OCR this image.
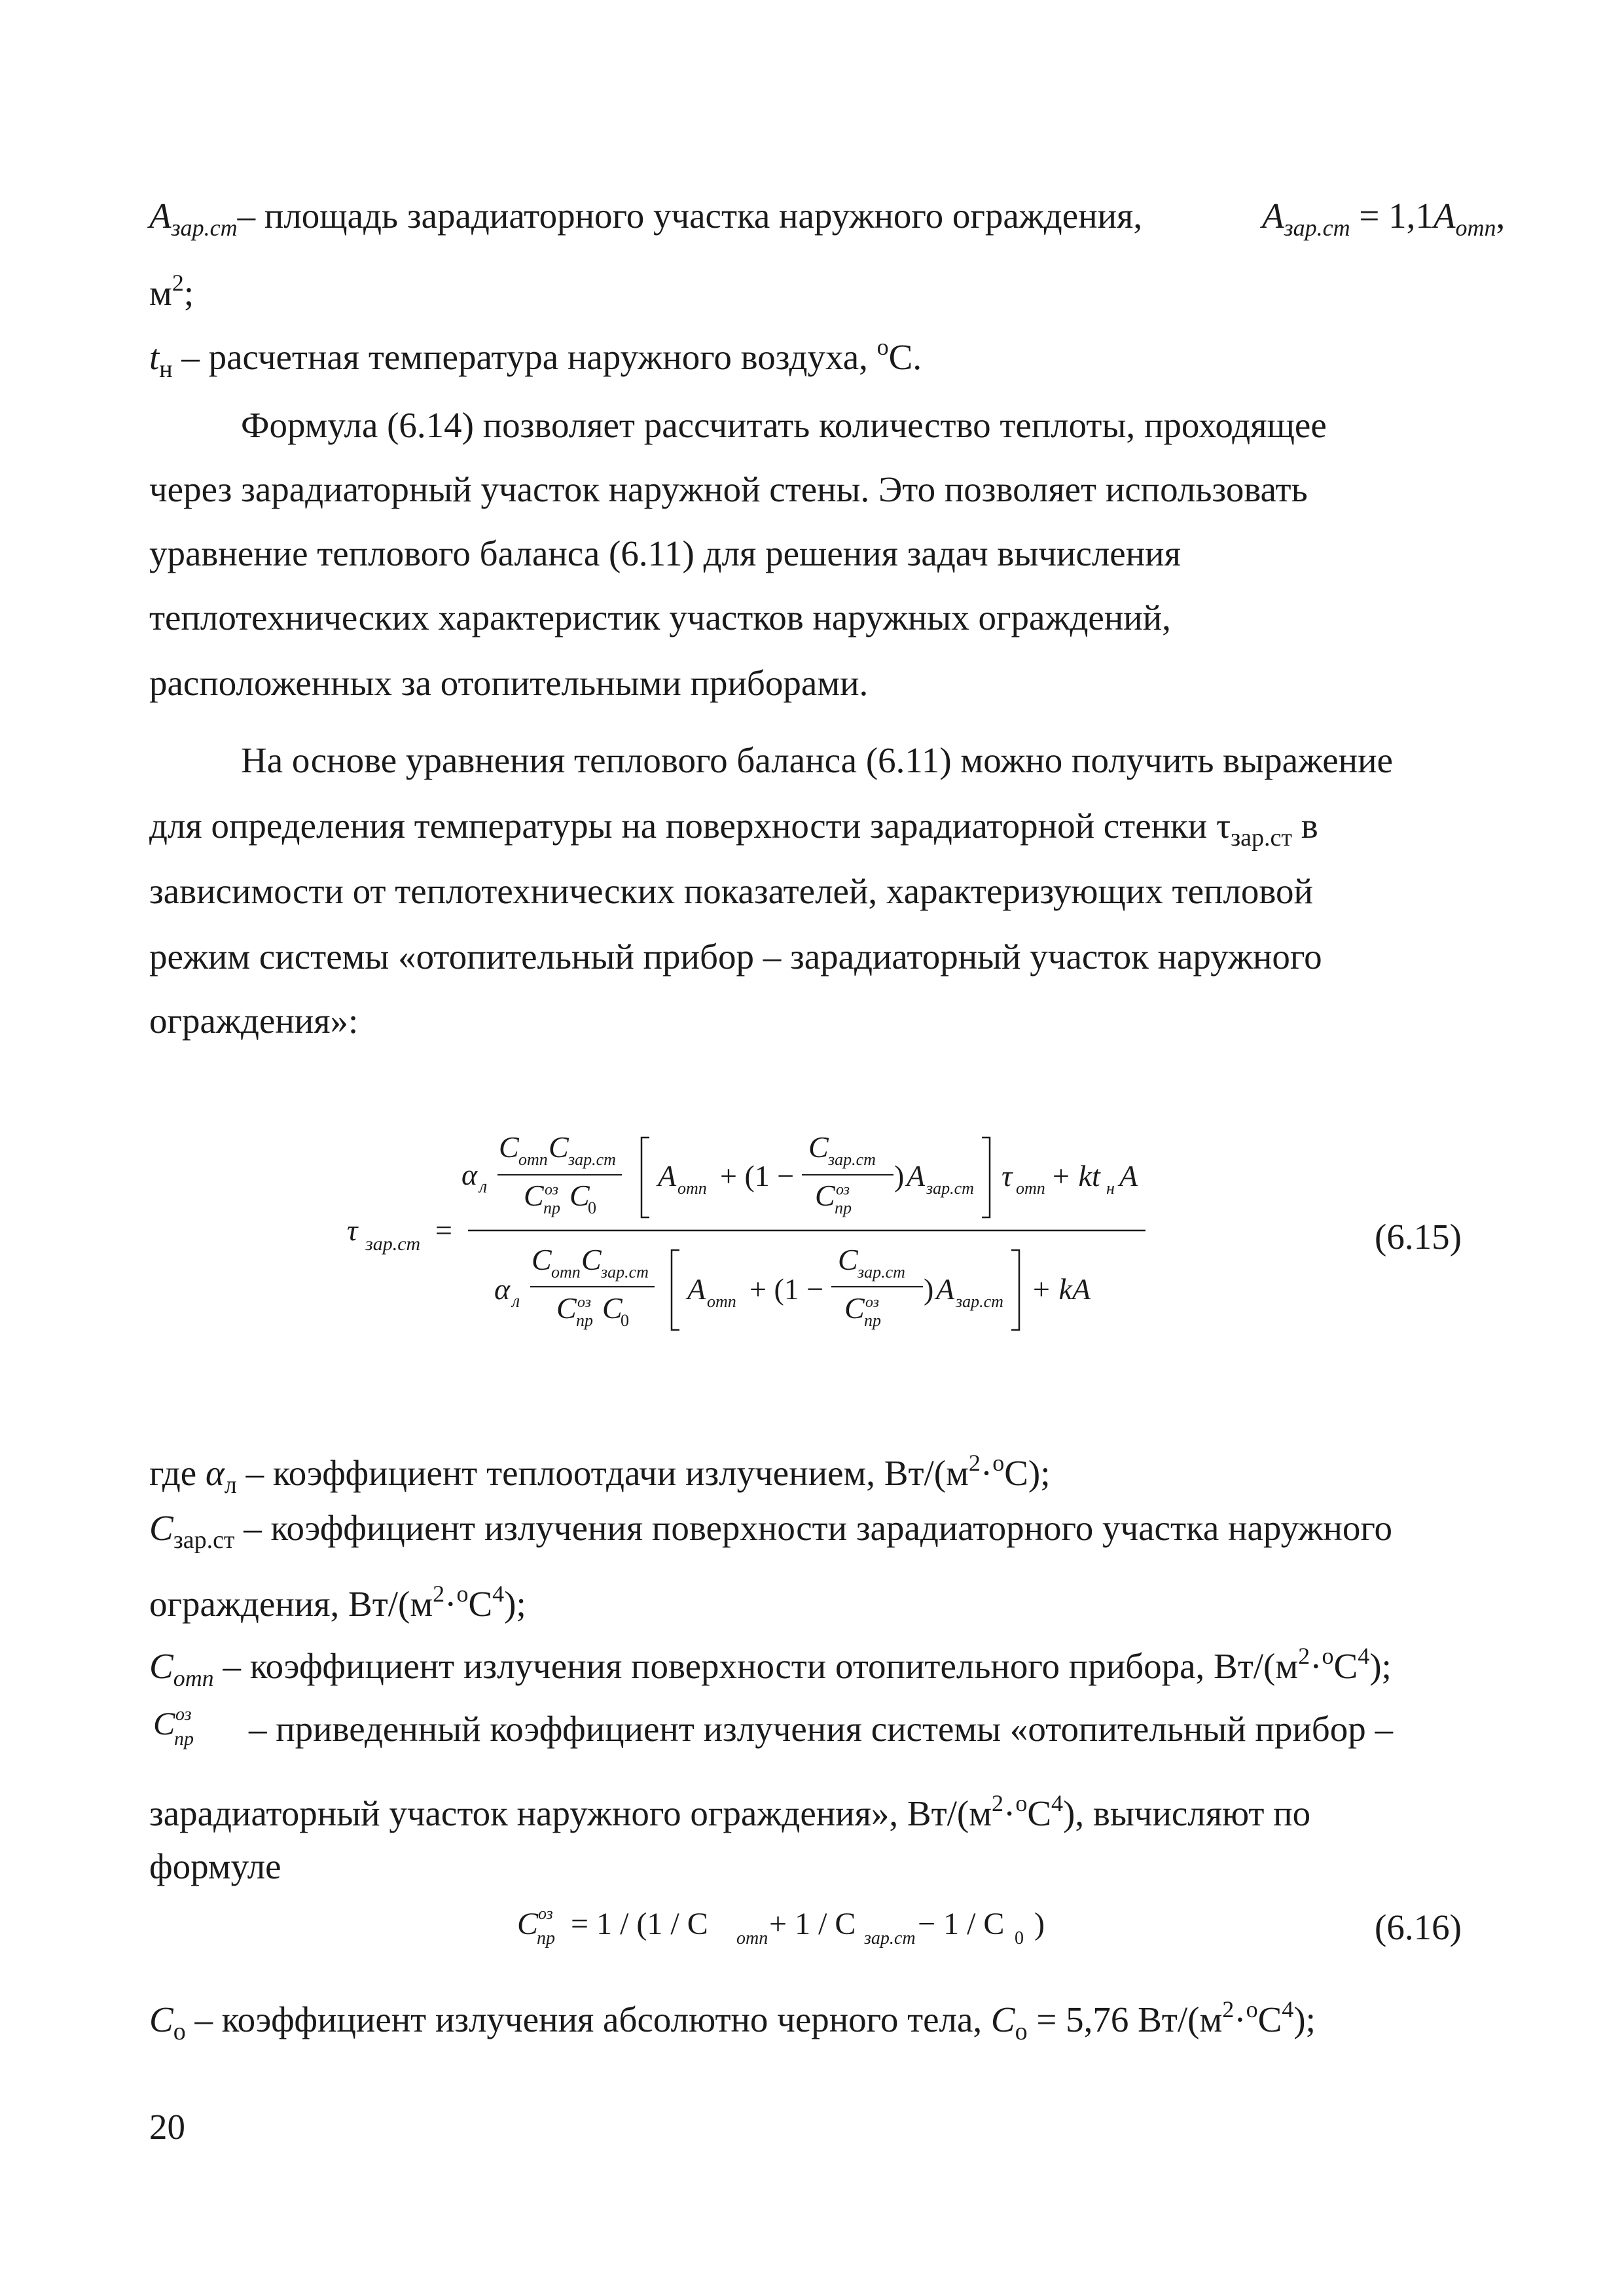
$A_{зар.ст}-$ площадь зарадиаторного участка наружного ограждения,	$A_{зар.ст} = 1,1A_{отп}$,
$м^2$;
$t_н$ – расчетная температура наружного воздуха, $^о$С.
Формула (6.14) позволяет рассчитать количество теплоты, проходящее
через зарадиаторный участок наружной стены. Это позволяет использовать
уравнение теплового баланса (6.11) для решения задач вычисления
теплотехнических характеристик участков наружных ограждений,
расположенных за отопительными приборами.
На основе уравнения теплового баланса (6.11) можно получить выражение
для определения температуры на поверхности зарадиаторной стенки $\tau_{зар.ст}$ в
зависимости от теплотехнических показателей, характеризующих тепловой
режим системы «отопительный прибор – зарадиаторный участок наружного
ограждения»:
τ зар.ст =
α л
C отп C зар.ст
C оз
пр C
0
A отп + (1 −
C зар.ст
C оз
пр
) A зар.ст τ отп + kt н A
α л
C отп C зар.ст
C оз
пр C
0
A отп + (1 −
C зар.ст
C оз
пр
) A зар.ст + kA
(6.15)
где $\alpha_л$ – коэффициент теплоотдачи излучением, $Вт/(м^2\cdot^оС)$;
$C_{зар.ст}$ – коэффициент излучения поверхности зарадиаторного участка наружного
ограждения, $Вт/(м^2\cdot^оС^4)$;
$C_{отп}$ – коэффициент излучения поверхности отопительного прибора, $Вт/(м^2\cdot^оС^4)$;
C оз
пр – приведенный коэффициент излучения системы «отопительный прибор –
зарадиаторный участок наружного ограждения», $Вт/(м^2\cdot^оС^4)$, вычисляют по
формуле
C оз
пр = 1 / (1 / C отп + 1 / C зар.ст − 1 / C 0 )	(6.16)
$C_о$ – коэффициент излучения абсолютно черного тела, $C_о = 5,76$ $Вт/(м^2\cdot^оС^4)$;
20
